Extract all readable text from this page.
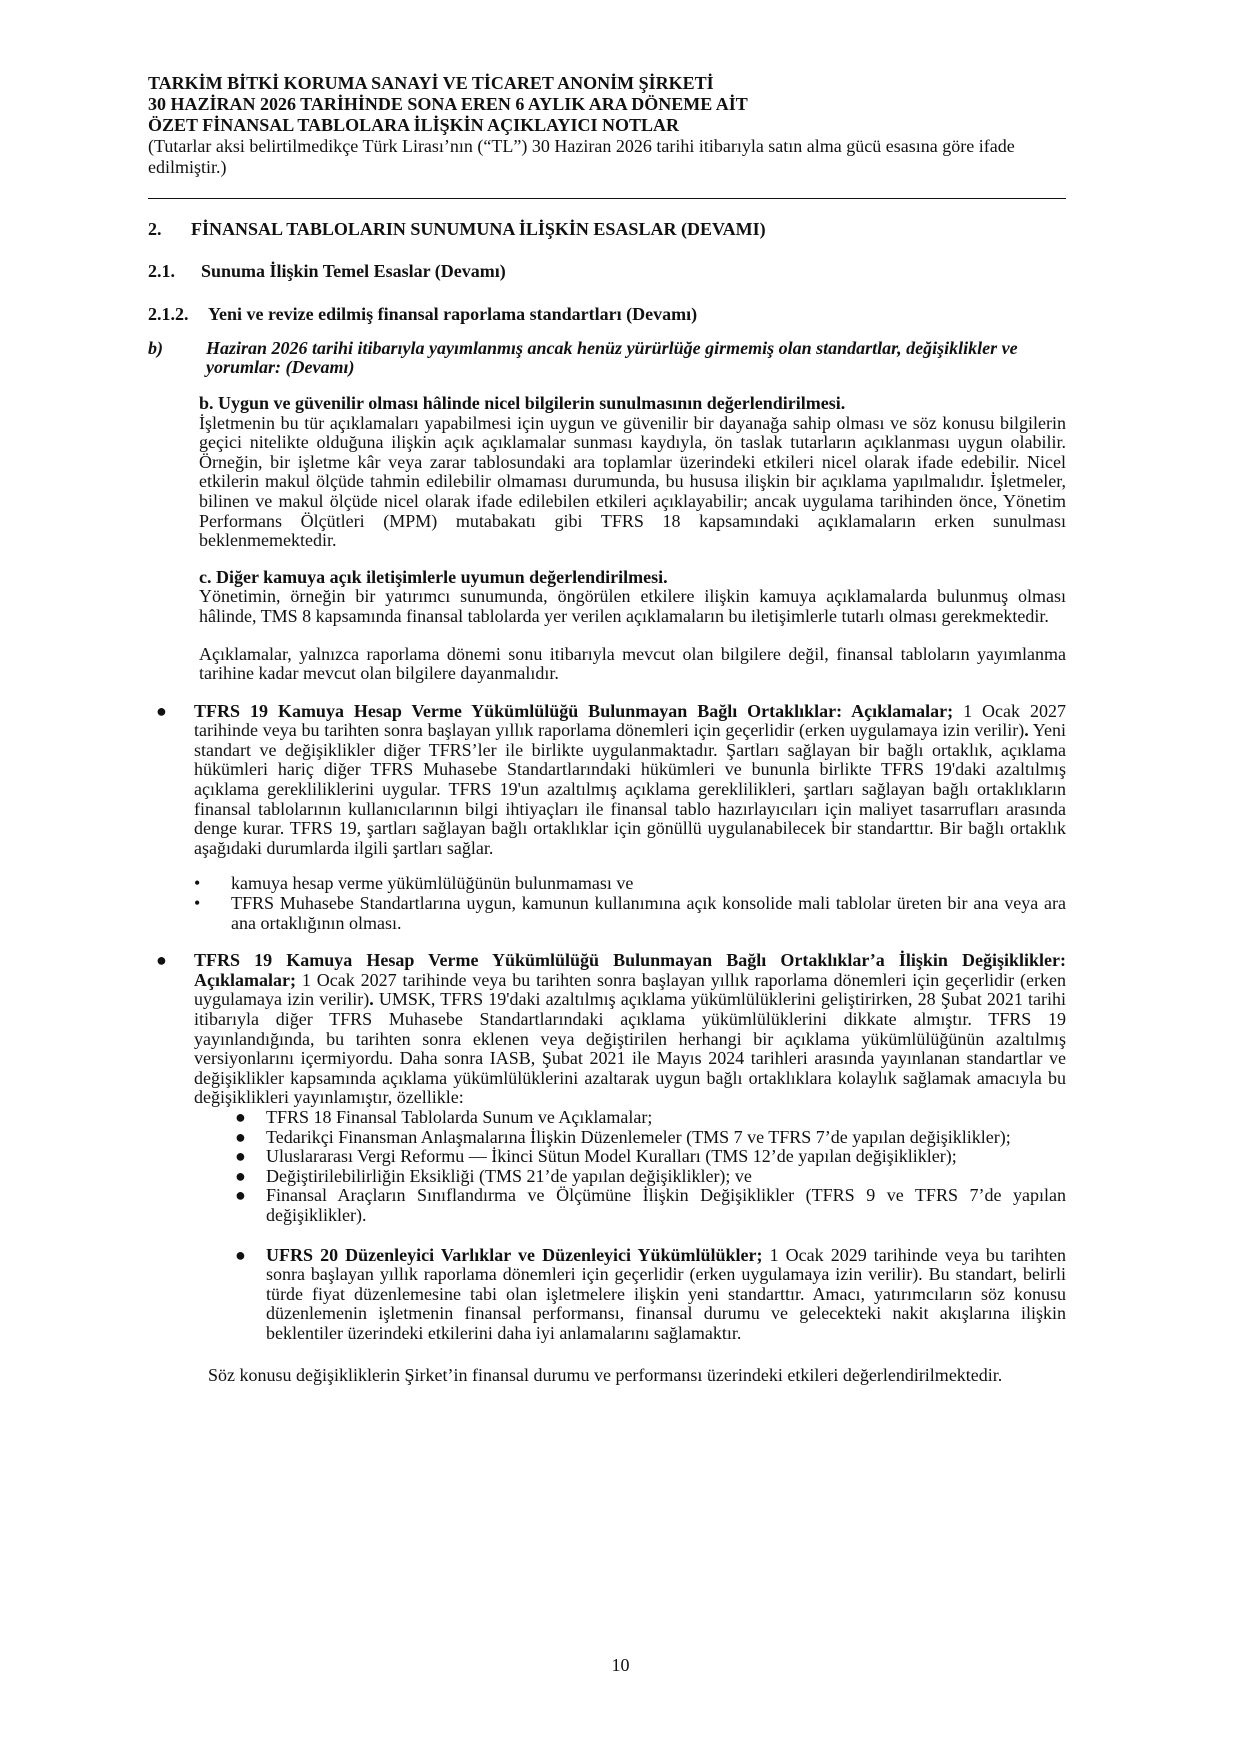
TARKİM BİTKİ KORUMA SANAYİ VE TİCARET ANONİM ŞİRKETİ

30 HAZİRAN 2026 TARİHİNDE SONA EREN 6 AYLIK ARA DÖNEME AİT

ÖZET FİNANSAL TABLOLARA İLİŞKİN AÇIKLAYICI NOTLAR

(Tutarlar aksi belirtilmedikçe Türk Lirası’nın (“TL”) 30 Haziran 2026 tarihi itibarıyla satın alma gücü esasına göre ifade edilmiştir.)

2. FİNANSAL TABLOLARIN SUNUMUNA İLİŞKİN ESASLAR (DEVAMI)

2.1. Sunuma İlişkin Temel Esaslar (Devamı)

2.1.2. Yeni ve revize edilmiş finansal raporlama standartları (Devamı)

b) Haziran 2026 tarihi itibarıyla yayımlanmış ancak henüz yürürlüğe girmemiş olan standartlar, değişiklikler ve yorumlar: (Devamı)

b. Uygun ve güvenilir olması hâlinde nicel bilgilerin sunulmasının değerlendirilmesi.

İşletmenin bu tür açıklamaları yapabilmesi için uygun ve güvenilir bir dayanağa sahip olması ve söz konusu bilgilerin geçici nitelikte olduğuna ilişkin açık açıklamalar sunması kaydıyla, ön taslak tutarların açıklanması uygun olabilir. Örneğin, bir işletme kâr veya zarar tablosundaki ara toplamlar üzerindeki etkileri nicel olarak ifade edebilir. Nicel etkilerin makul ölçüde tahmin edilebilir olmaması durumunda, bu hususa ilişkin bir açıklama yapılmalıdır. İşletmeler, bilinen ve makul ölçüde nicel olarak ifade edilebilen etkileri açıklayabilir; ancak uygulama tarihinden önce, Yönetim Performans Ölçütleri (MPM) mutabakatı gibi TFRS 18 kapsamındaki açıklamaların erken sunulması beklenmemektedir.

c. Diğer kamuya açık iletişimlerle uyumun değerlendirilmesi.

Yönetimin, örneğin bir yatırımcı sunumunda, öngörülen etkilere ilişkin kamuya açıklamalarda bulunmuş olması hâlinde, TMS 8 kapsamında finansal tablolarda yer verilen açıklamaların bu iletişimlerle tutarlı olması gerekmektedir.

Açıklamalar, yalnızca raporlama dönemi sonu itibarıyla mevcut olan bilgilere değil, finansal tabloların yayımlanma tarihine kadar mevcut olan bilgilere dayanmalıdır.

● TFRS 19 Kamuya Hesap Verme Yükümlülüğü Bulunmayan Bağlı Ortaklıklar: Açıklamalar; 1 Ocak 2027 tarihinde veya bu tarihten sonra başlayan yıllık raporlama dönemleri için geçerlidir (erken uygulamaya izin verilir). Yeni standart ve değişiklikler diğer TFRS’ler ile birlikte uygulanmaktadır. Şartları sağlayan bir bağlı ortaklık, açıklama hükümleri hariç diğer TFRS Muhasebe Standartlarındaki hükümleri ve bununla birlikte TFRS 19'daki azaltılmış açıklama gerekliliklerini uygular. TFRS 19'un azaltılmış açıklama gereklilikleri, şartları sağlayan bağlı ortaklıkların finansal tablolarının kullanıcılarının bilgi ihtiyaçları ile finansal tablo hazırlayıcıları için maliyet tasarrufları arasında denge kurar. TFRS 19, şartları sağlayan bağlı ortaklıklar için gönüllü uygulanabilecek bir standarttır. Bir bağlı ortaklık aşağıdaki durumlarda ilgili şartları sağlar.

• kamuya hesap verme yükümlülüğünün bulunmaması ve
• TFRS Muhasebe Standartlarına uygun, kamunun kullanımına açık konsolide mali tablolar üreten bir ana veya ara ana ortaklığının olması.
● TFRS 19 Kamuya Hesap Verme Yükümlülüğü Bulunmayan Bağlı Ortaklıklar’a İlişkin Değişiklikler: Açıklamalar; 1 Ocak 2027 tarihinde veya bu tarihten sonra başlayan yıllık raporlama dönemleri için geçerlidir (erken uygulamaya izin verilir). UMSK, TFRS 19'daki azaltılmış açıklama yükümlülüklerini geliştirirken, 28 Şubat 2021 tarihi itibarıyla diğer TFRS Muhasebe Standartlarındaki açıklama yükümlülüklerini dikkate almıştır. TFRS 19 yayınlandığında, bu tarihten sonra eklenen veya değiştirilen herhangi bir açıklama yükümlülüğünün azaltılmış versiyonlarını içermiyordu. Daha sonra IASB, Şubat 2021 ile Mayıs 2024 tarihleri arasında yayınlanan standartlar ve değişiklikler kapsamında açıklama yükümlülüklerini azaltarak uygun bağlı ortaklıklara kolaylık sağlamak amacıyla bu değişiklikleri yayınlamıştır, özellikle:

● TFRS 18 Finansal Tablolarda Sunum ve Açıklamalar;
● Tedarikçi Finansman Anlaşmalarına İlişkin Düzenlemeler (TMS 7 ve TFRS 7’de yapılan değişiklikler);
● Uluslararası Vergi Reformu — İkinci Sütun Model Kuralları (TMS 12’de yapılan değişiklikler);
● Değiştirilebilirliğin Eksikliği (TMS 21’de yapılan değişiklikler); ve
● Finansal Araçların Sınıflandırma ve Ölçümüne İlişkin Değişiklikler (TFRS 9 ve TFRS 7’de yapılan değişiklikler).
● UFRS 20 Düzenleyici Varlıklar ve Düzenleyici Yükümlülükler; 1 Ocak 2029 tarihinde veya bu tarihten sonra başlayan yıllık raporlama dönemleri için geçerlidir (erken uygulamaya izin verilir). Bu standart, belirli türde fiyat düzenlemesine tabi olan işletmelere ilişkin yeni standarttır. Amacı, yatırımcıların söz konusu düzenlemenin işletmenin finansal performansı, finansal durumu ve gelecekteki nakit akışlarına ilişkin beklentiler üzerindeki etkilerini daha iyi anlamalarını sağlamaktır.

Söz konusu değişikliklerin Şirket’in finansal durumu ve performansı üzerindeki etkileri değerlendirilmektedir.

10
